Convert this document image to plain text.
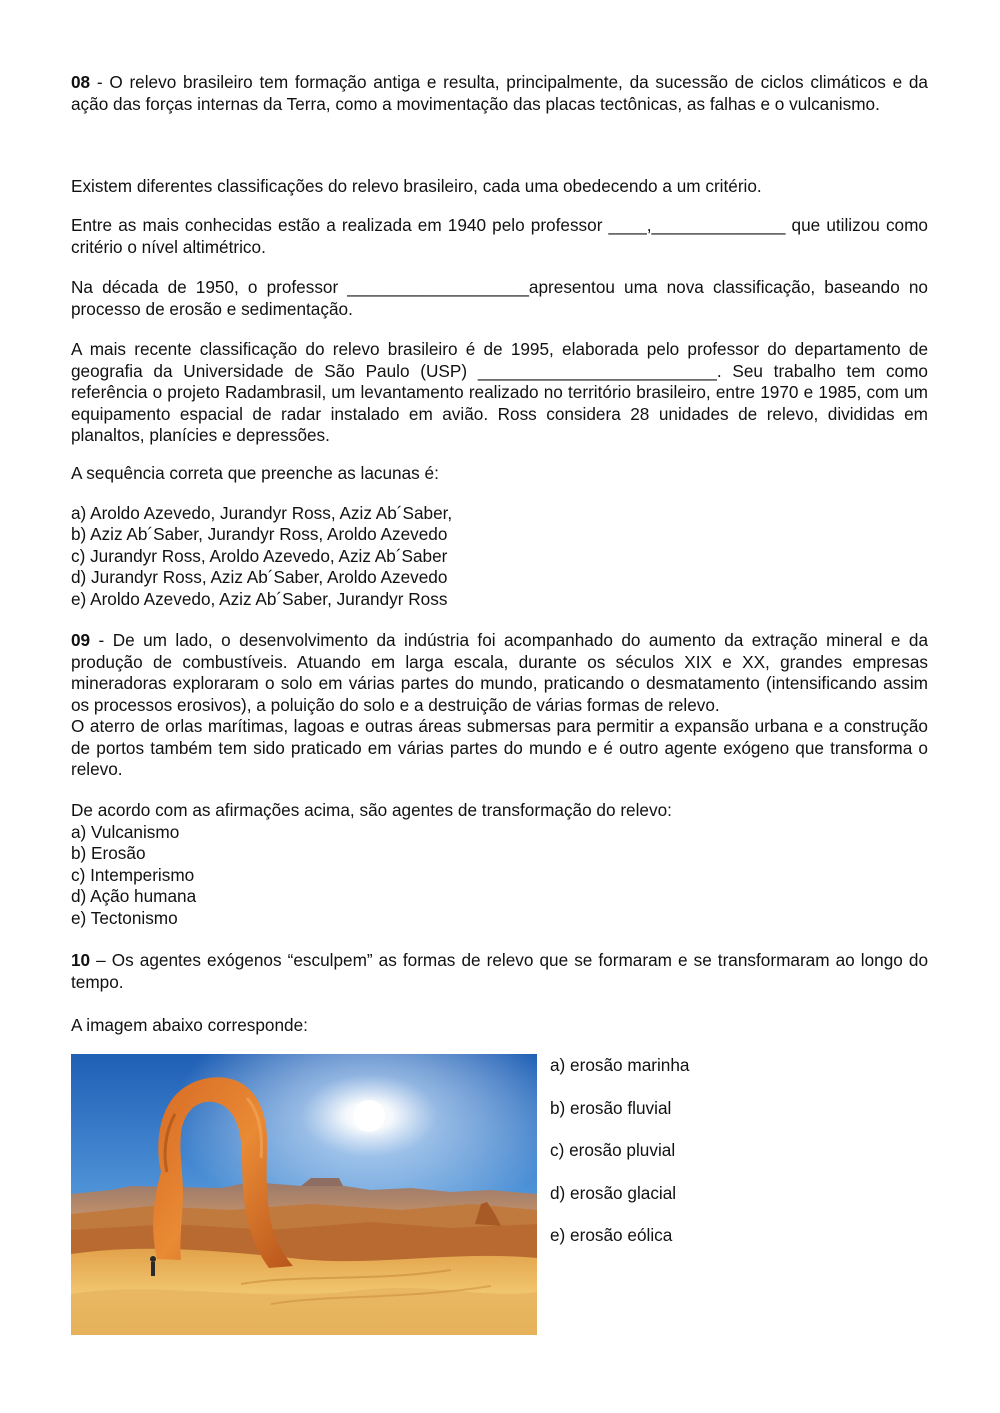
08 - O relevo brasileiro tem formação antiga e resulta, principalmente, da sucessão de ciclos climáticos e da ação das forças internas da Terra, como a movimentação das placas tectônicas, as falhas e o vulcanismo.

Existem diferentes classificações do relevo brasileiro, cada uma obedecendo a um critério.

Entre as mais conhecidas estão a realizada em 1940 pelo professor ____,______________ que utilizou como critério o nível altimétrico.

Na década de 1950, o professor ___________________apresentou uma nova classificação, baseando no processo de erosão e sedimentação.

A mais recente classificação do relevo brasileiro é de 1995, elaborada pelo professor do departamento de geografia da Universidade de São Paulo (USP) _________________________. Seu trabalho tem como referência o projeto Radambrasil, um levantamento realizado no território brasileiro, entre 1970 e 1985, com um equipamento espacial de radar instalado em avião. Ross considera 28 unidades de relevo, divididas em planaltos, planícies e depressões.

A sequência correta que preenche as lacunas é:

a) Aroldo Azevedo, Jurandyr Ross, Aziz Ab´Saber,
b) Aziz Ab´Saber, Jurandyr Ross, Aroldo Azevedo
c) Jurandyr Ross, Aroldo Azevedo, Aziz Ab´Saber
d) Jurandyr Ross, Aziz Ab´Saber, Aroldo Azevedo
e) Aroldo Azevedo, Aziz Ab´Saber, Jurandyr Ross

09 - De um lado, o desenvolvimento da indústria foi acompanhado do aumento da extração mineral e da produção de combustíveis. Atuando em larga escala, durante os séculos XIX e XX, grandes empresas mineradoras exploraram o solo em várias partes do mundo, praticando o desmatamento (intensificando assim os processos erosivos), a poluição do solo e a destruição de várias formas de relevo.

O aterro de orlas marítimas, lagoas e outras áreas submersas para permitir a expansão urbana e a construção de portos também tem sido praticado em várias partes do mundo e é outro agente exógeno que transforma o relevo.

De acordo com as afirmações acima, são agentes de transformação do relevo:

a) Vulcanismo
b) Erosão
c) Intemperismo
d) Ação humana
e) Tectonismo

10 – Os agentes exógenos “esculpem” as formas de relevo que se formaram e se transformaram ao longo do tempo.

A imagem abaixo corresponde:

a) erosão marinha
b) erosão fluvial
c) erosão pluvial
d) erosão glacial
e) erosão eólica
